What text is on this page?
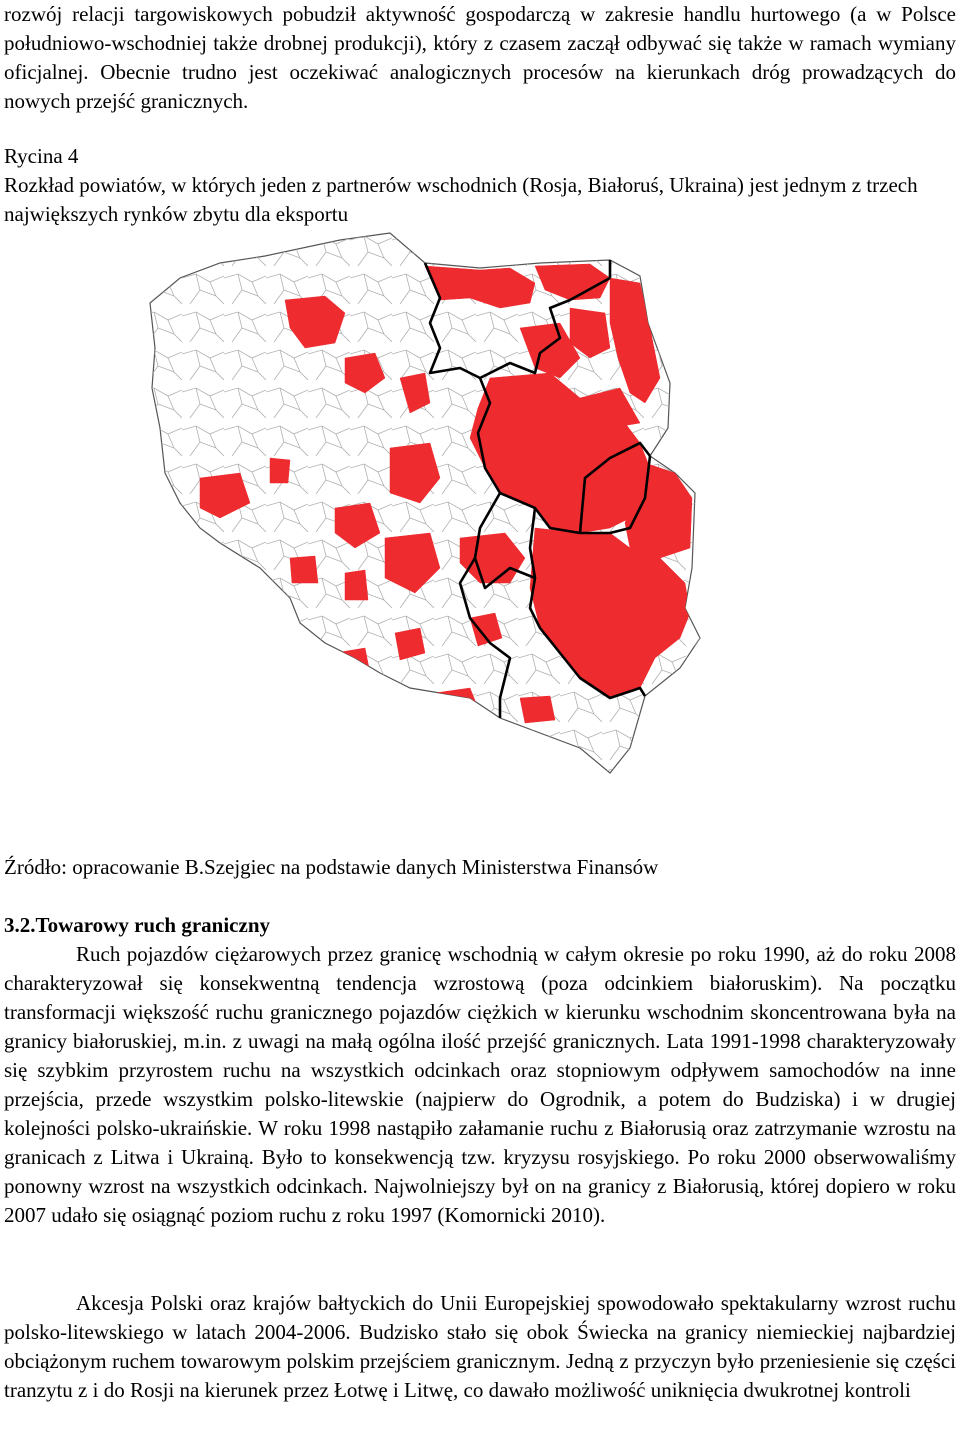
rozwój relacji targowiskowych pobudził aktywność gospodarczą w zakresie handlu hurtowego (a w Polsce południowo-wschodniej także drobnej produkcji), który z czasem zaczął odbywać się także w ramach wymiany oficjalnej. Obecnie trudno jest oczekiwać analogicznych procesów na kierunkach dróg prowadzących do nowych przejść granicznych.

Rycina 4

Rozkład powiatów, w których jeden z partnerów wschodnich (Rosja, Białoruś, Ukraina) jest jednym z trzech największych rynków zbytu dla eksportu

Źródło: opracowanie B.Szejgiec na podstawie danych Ministerstwa Finansów

3.2.Towarowy ruch graniczny

Ruch pojazdów ciężarowych przez granicę wschodnią w całym okresie po roku 1990, aż do roku 2008 charakteryzował się konsekwentną tendencja wzrostową (poza odcinkiem białoruskim). Na początku transformacji większość ruchu granicznego pojazdów ciężkich w kierunku wschodnim skoncentrowana była na granicy białoruskiej, m.in. z uwagi na małą ogólna ilość przejść granicznych. Lata 1991-1998 charakteryzowały się szybkim przyrostem ruchu na wszystkich odcinkach oraz stopniowym odpływem samochodów na inne przejścia, przede wszystkim polsko-litewskie (najpierw do Ogrodnik, a potem do Budziska) i w drugiej kolejności polsko-ukraińskie. W roku 1998 nastąpiło załamanie ruchu z Białorusią oraz zatrzymanie wzrostu na granicach z Litwa i Ukrainą. Było to konsekwencją tzw. kryzysu rosyjskiego. Po roku 2000 obserwowaliśmy ponowny wzrost na wszystkich odcinkach. Najwolniejszy był on na granicy z Białorusią, której dopiero w roku 2007 udało się osiągnąć poziom ruchu z roku 1997 (Komornicki 2010).

Akcesja Polski oraz krajów bałtyckich do Unii Europejskiej spowodowało spektakularny wzrost ruchu polsko-litewskiego w latach 2004-2006. Budzisko stało się obok Świecka na granicy niemieckiej najbardziej obciążonym ruchem towarowym polskim przejściem granicznym. Jedną z przyczyn było przeniesienie się części tranzytu z i do Rosji na kierunek przez Łotwę i Litwę, co dawało możliwość uniknięcia dwukrotnej kontroli
